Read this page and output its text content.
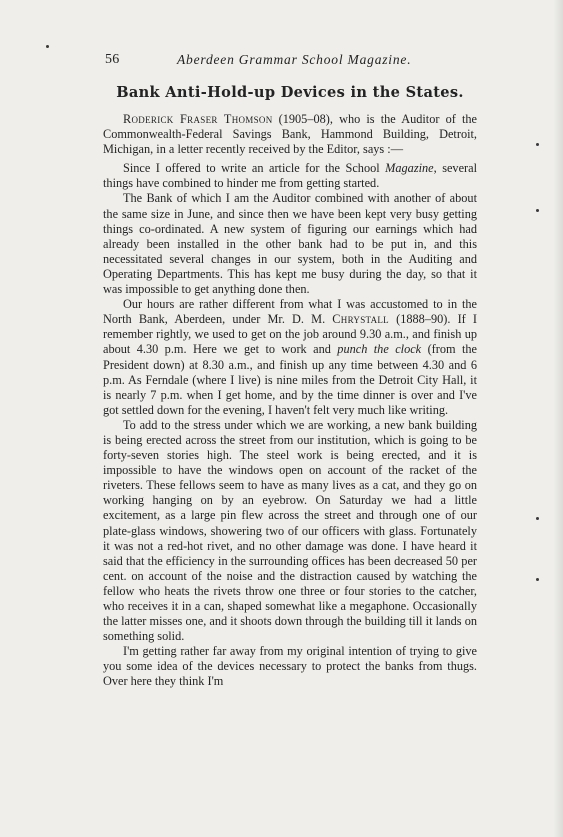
56	Aberdeen Grammar School Magazine.
Bank Anti-Hold-up Devices in the States.

Roderick Fraser Thomson (1905–08), who is the Auditor of the Commonwealth-Federal Savings Bank, Hammond Building, Detroit, Michigan, in a letter recently received by the Editor, says :—

Since I offered to write an article for the School Magazine, several things have combined to hinder me from getting started.

The Bank of which I am the Auditor combined with another of about the same size in June, and since then we have been kept very busy getting things co-ordinated. A new system of figuring our earnings which had already been installed in the other bank had to be put in, and this necessitated several changes in our system, both in the Auditing and Operating Departments. This has kept me busy during the day, so that it was impossible to get anything done then.

Our hours are rather different from what I was accustomed to in the North Bank, Aberdeen, under Mr. D. M. Chrystall (1888–90). If I remember rightly, we used to get on the job around 9.30 a.m., and finish up about 4.30 p.m. Here we get to work and punch the clock (from the President down) at 8.30 a.m., and finish up any time between 4.30 and 6 p.m. As Ferndale (where I live) is nine miles from the Detroit City Hall, it is nearly 7 p.m. when I get home, and by the time dinner is over and I've got settled down for the evening, I haven't felt very much like writing.

To add to the stress under which we are working, a new bank building is being erected across the street from our institution, which is going to be forty-seven stories high. The steel work is being erected, and it is impossible to have the windows open on account of the racket of the riveters. These fellows seem to have as many lives as a cat, and they go on working hanging on by an eyebrow. On Saturday we had a little excitement, as a large pin flew across the street and through one of our plate-glass windows, showering two of our officers with glass. Fortunately it was not a red-hot rivet, and no other damage was done. I have heard it said that the efficiency in the surrounding offices has been decreased 50 per cent. on account of the noise and the distraction caused by watching the fellow who heats the rivets throw one three or four stories to the catcher, who receives it in a can, shaped somewhat like a megaphone. Occasionally the latter misses one, and it shoots down through the building till it lands on something solid.

I'm getting rather far away from my original intention of trying to give you some idea of the devices necessary to protect the banks from thugs. Over here they think I'm
